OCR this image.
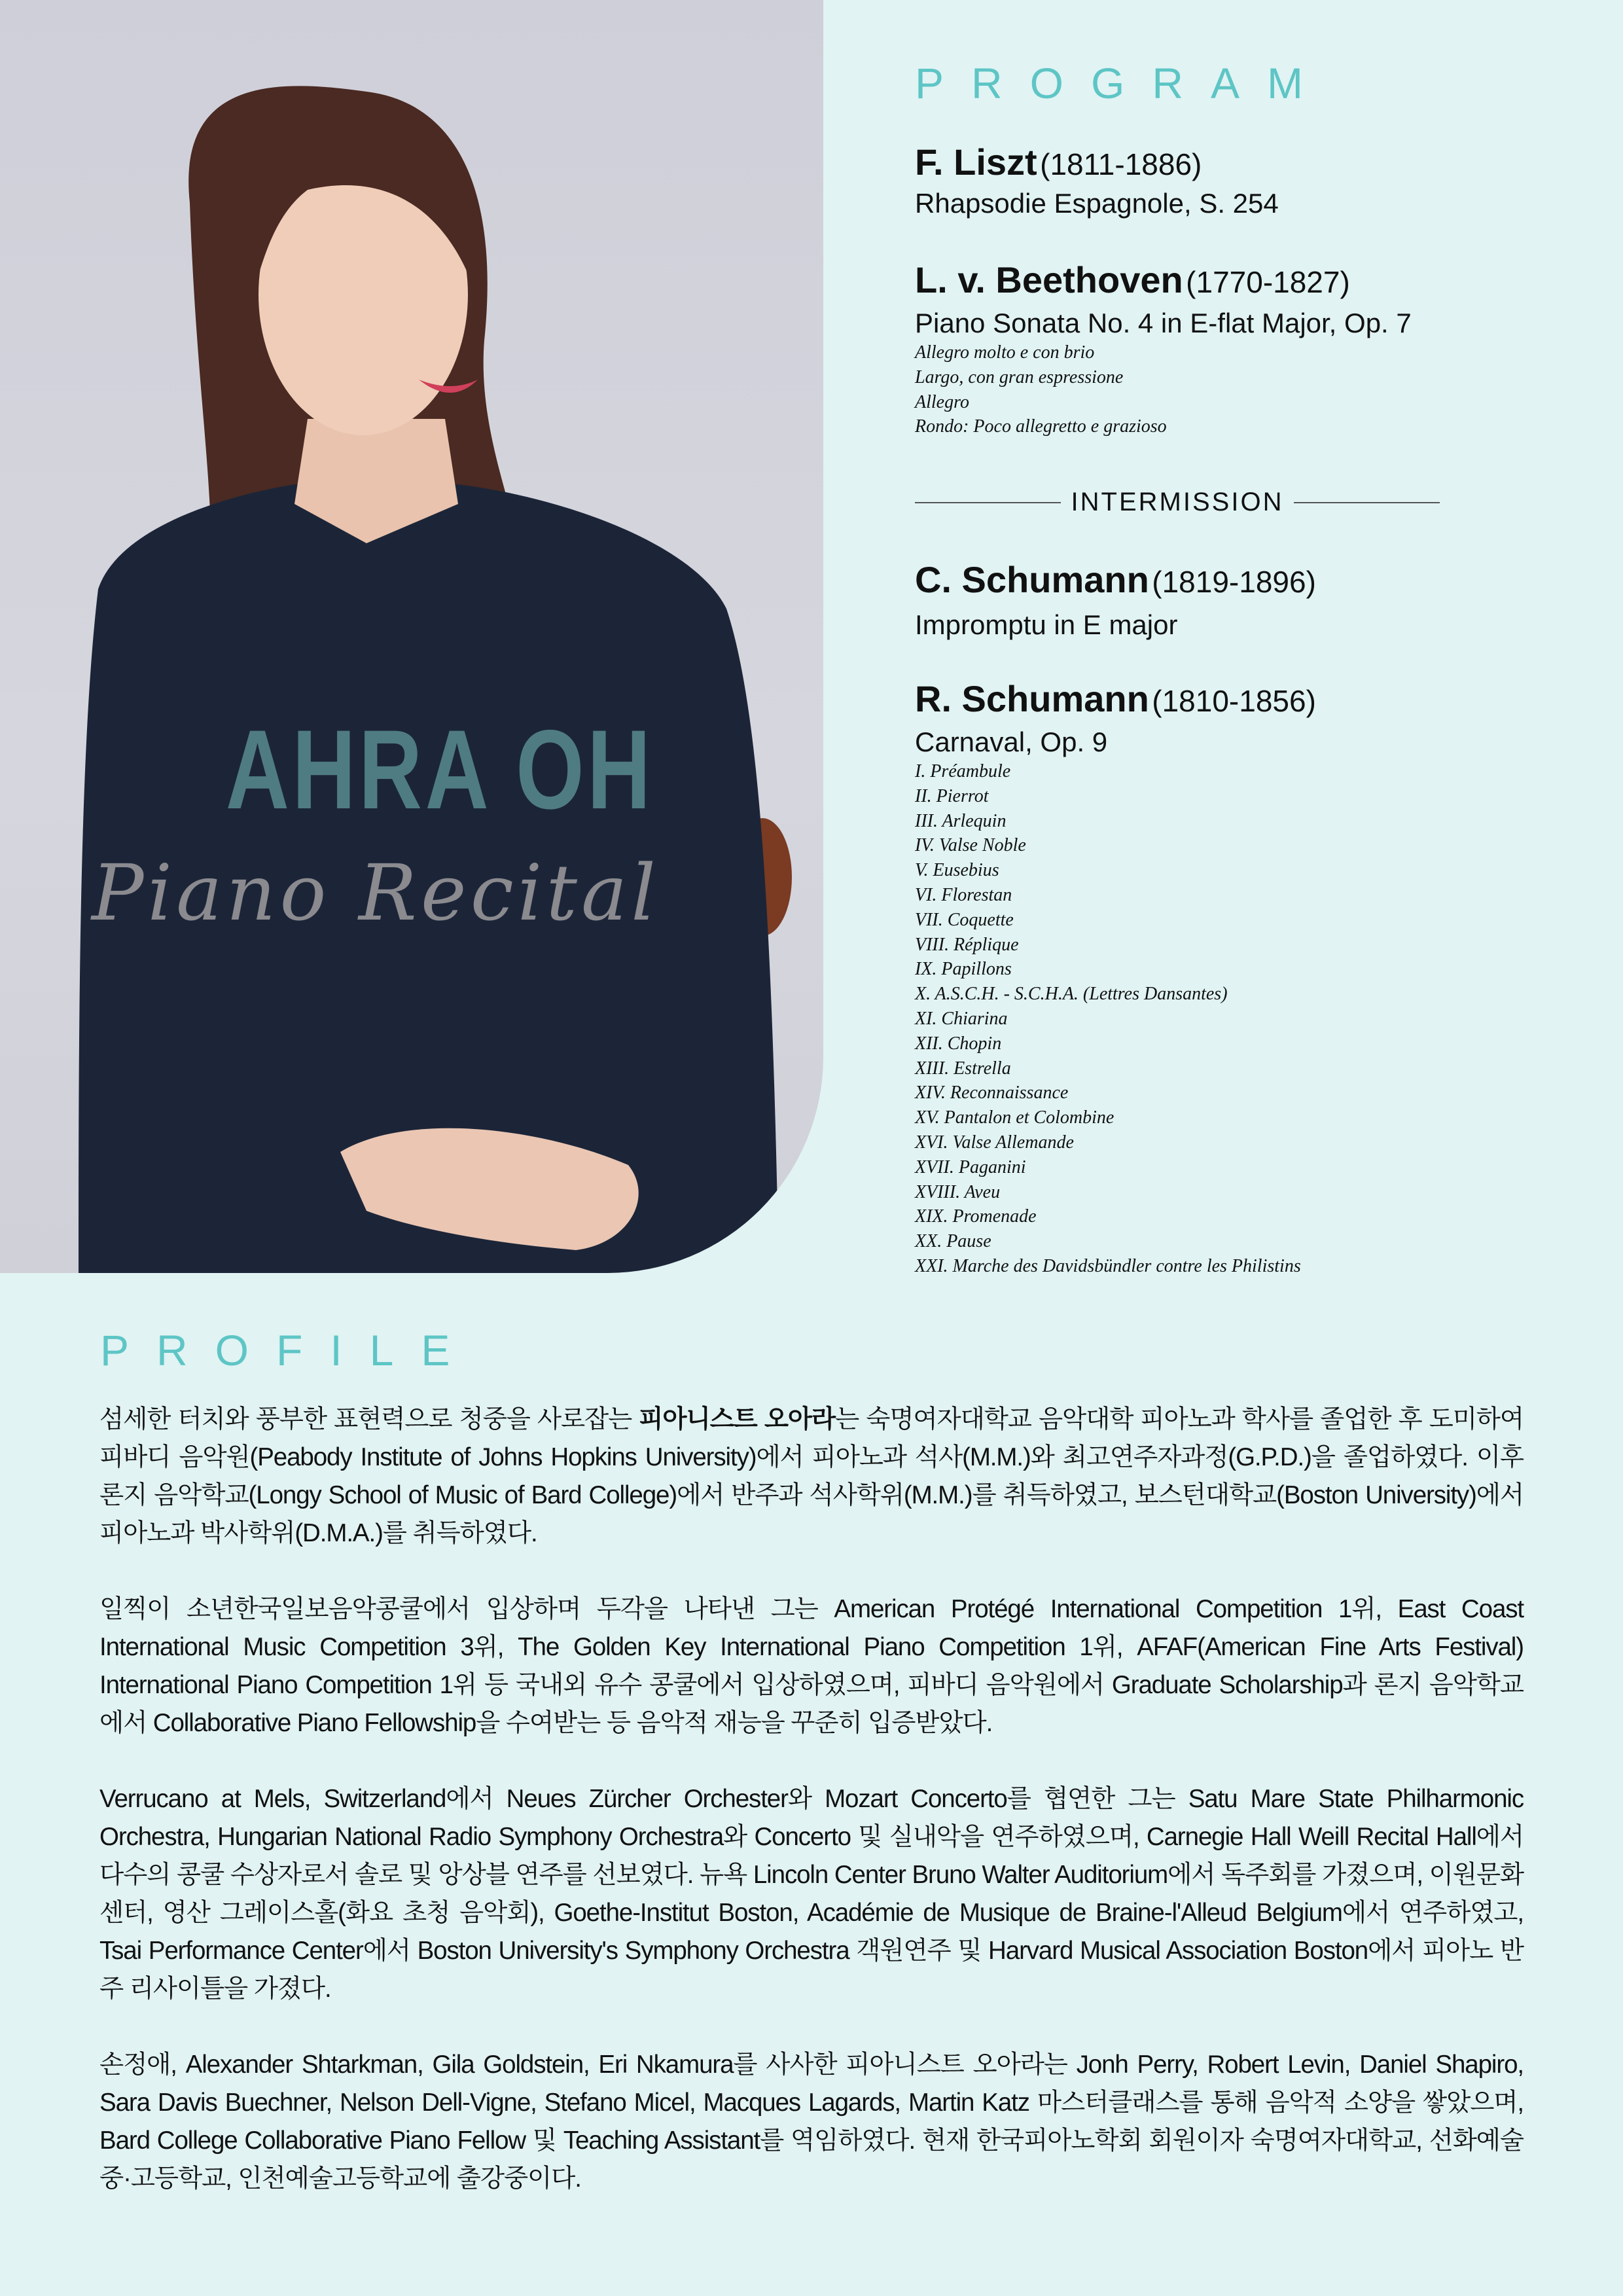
AHRA OH
Piano Recital
PROGRAM
F. Liszt (1811-1886)
Rhapsodie Espagnole, S. 254
L. v. Beethoven (1770-1827)
Piano Sonata No. 4 in E-flat Major, Op. 7
Allegro molto e con brio
Largo, con gran espressione
Allegro
Rondo: Poco allegretto e grazioso
INTERMISSION
C. Schumann (1819-1896)
Impromptu in E major
R. Schumann (1810-1856)
Carnaval, Op. 9
I. Préambule
II. Pierrot
III. Arlequin
IV. Valse Noble
V. Eusebius
VI. Florestan
VII. Coquette
VIII. Réplique
IX. Papillons
X. A.S.C.H. - S.C.H.A. (Lettres Dansantes)
XI. Chiarina
XII. Chopin
XIII. Estrella
XIV. Reconnaissance
XV. Pantalon et Colombine
XVI. Valse Allemande
XVII. Paganini
XVIII. Aveu
XIX. Promenade
XX. Pause
XXI. Marche des Davidsbündler contre les Philistins
PROFILE

섬세한 터치와 풍부한 표현력으로 청중을 사로잡는 피아니스트 오아라는 숙명여자대학교 음악대학 피아노과 학사를 졸업한 후 도미하여 피바디 음악원(Peabody Institute of Johns Hopkins University)에서 피아노과 석사(M.M.)와 최고연주자과정(G.P.D.)을 졸업하였다. 이후 론지 음악학교(Longy School of Music of Bard College)에서 반주과 석사학위(M.M.)를 취득하였고, 보스턴대학교(Boston University)에서 피아노과 박사학위(D.M.A.)를 취득하였다.

일찍이 소년한국일보음악콩쿨에서 입상하며 두각을 나타낸 그는 American Protégé International Competition 1위, East Coast International Music Competition 3위, The Golden Key International Piano Competition 1위, AFAF(American Fine Arts Festival) International Piano Competition 1위 등 국내외 유수 콩쿨에서 입상하였으며, 피바디 음악원에서 Graduate Scholarship과 론지 음악학교에서 Collaborative Piano Fellowship을 수여받는 등 음악적 재능을 꾸준히 입증받았다.

Verrucano at Mels, Switzerland에서 Neues Zürcher Orchester와 Mozart Concerto를 협연한 그는 Satu Mare State Philharmonic Orchestra, Hungarian National Radio Symphony Orchestra와 Concerto 및 실내악을 연주하였으며, Carnegie Hall Weill Recital Hall에서 다수의 콩쿨 수상자로서 솔로 및 앙상블 연주를 선보였다. 뉴욕 Lincoln Center Bruno Walter Auditorium에서 독주회를 가졌으며, 이원문화센터, 영산 그레이스홀(화요 초청 음악회), Goethe-Institut Boston, Académie de Musique de Braine-l'Alleud Belgium에서 연주하였고, Tsai Performance Center에서 Boston University's Symphony Orchestra 객원연주 및 Harvard Musical Association Boston에서 피아노 반주 리사이틀을 가졌다.

손정애, Alexander Shtarkman, Gila Goldstein, Eri Nkamura를 사사한 피아니스트 오아라는 Jonh Perry, Robert Levin, Daniel Shapiro, Sara Davis Buechner, Nelson Dell-Vigne, Stefano Micel, Macques Lagards, Martin Katz 마스터클래스를 통해 음악적 소양을 쌓았으며, Bard College Collaborative Piano Fellow 및 Teaching Assistant를 역임하였다. 현재 한국피아노학회 회원이자 숙명여자대학교, 선화예술중·고등학교, 인천예술고등학교에 출강중이다.
